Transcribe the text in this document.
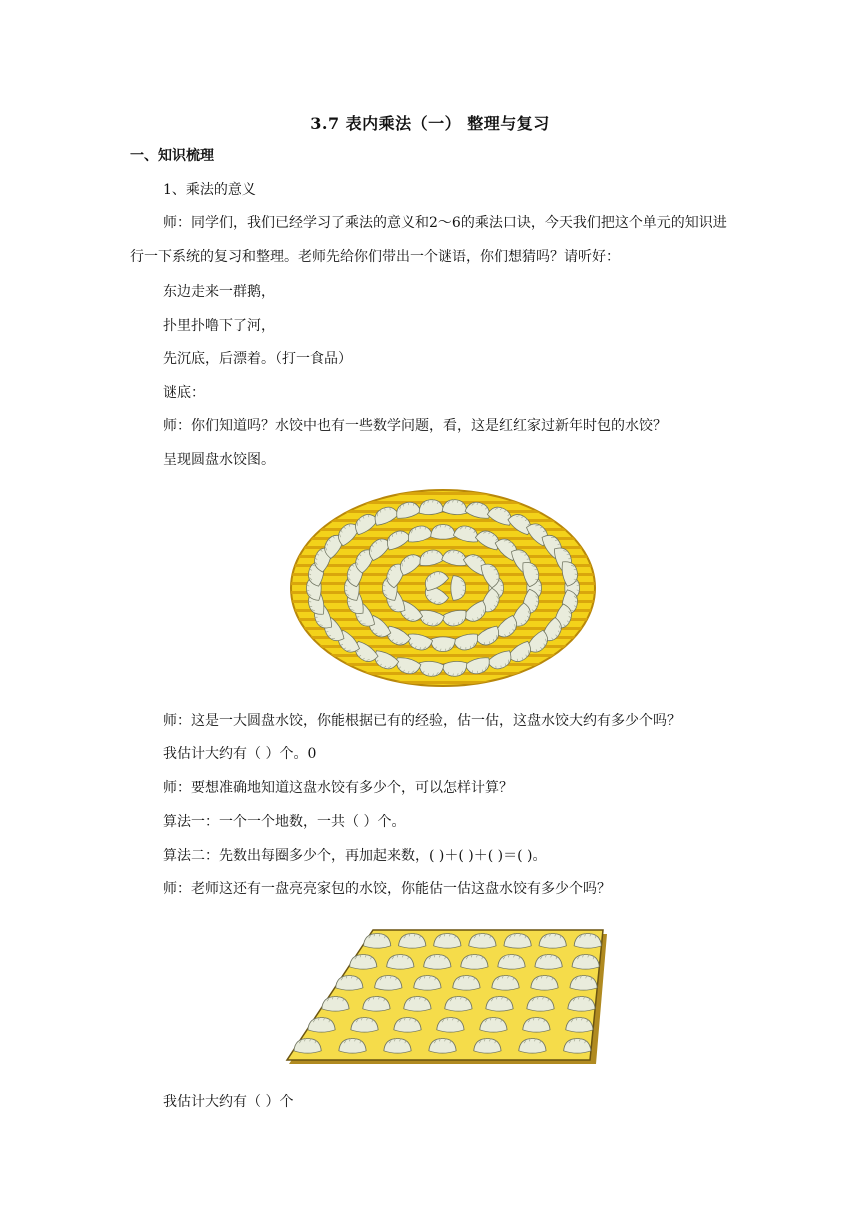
3.7 表内乘法（一） 整理与复习
一、知识梳理
1、乘法的意义
师：同学们，我们已经学习了乘法的意义和2～6的乘法口诀，今天我们把这个单元的知识进行一下系统的复习和整理。老师先给你们带出一个谜语，你们想猜吗？请听好：
东边走来一群鹅，
扑里扑噜下了河，
先沉底，后漂着。（打一食品）
谜底：
师：你们知道吗？水饺中也有一些数学问题，看，这是红红家过新年时包的水饺？
呈现圆盘水饺图。
师：这是一大圆盘水饺，你能根据已有的经验，估一估，这盘水饺大约有多少个吗？
我估计大约有（ ）个。0
师：要想准确地知道这盘水饺有多少个，可以怎样计算？
算法一：一个一个地数，一共（ ）个。
算法二：先数出每圈多少个，再加起来数，( )＋( )＋( )＝( )。
师：老师这还有一盘亮亮家包的水饺，你能估一估这盘水饺有多少个吗？
我估计大约有（ ）个
